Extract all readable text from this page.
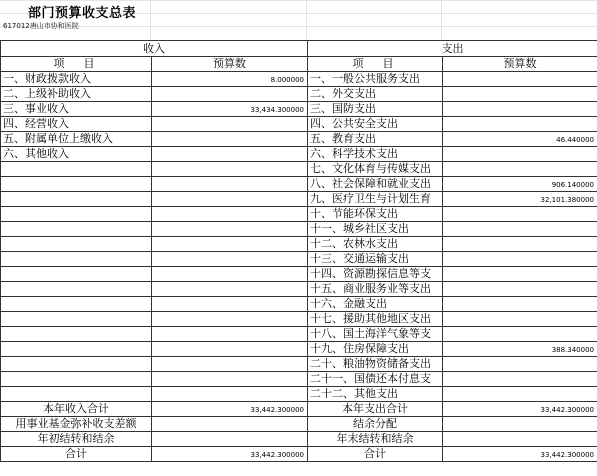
部门预算收支总表
617012唐山市协和医院
收入		支出	
项　目	预算数	项　目	预算数
一、财政拨款收入	8.000000	一、一般公共服务支出	
二、上级补助收入		二、外交支出	
三、事业收入	33,434.300000	三、国防支出	
四、经营收入		四、公共安全支出	
五、附属单位上缴收入		五、教育支出	46.440000
六、其他收入		六、科学技术支出	
		七、文化体育与传媒支出	
		八、社会保障和就业支出	906.140000
		九、医疗卫生与计划生育	32,101.380000
		十、节能环保支出	
		十一、城乡社区支出	
		十二、农林水支出	
		十三、交通运输支出	
		十四、资源勘探信息等支	
		十五、商业服务业等支出	
		十六、金融支出	
		十七、援助其他地区支出	
		十八、国土海洋气象等支	
		十九、住房保障支出	388.340000
		二十、粮油物资储备支出	
		二十一、国债还本付息支	
		二十二、其他支出	
本年收入合计	33,442.300000	本年支出合计	33,442.300000
用事业基金弥补收支差额		结余分配	
年初结转和结余		年末结转和结余	
合计	33,442.300000	合计	33,442.300000
